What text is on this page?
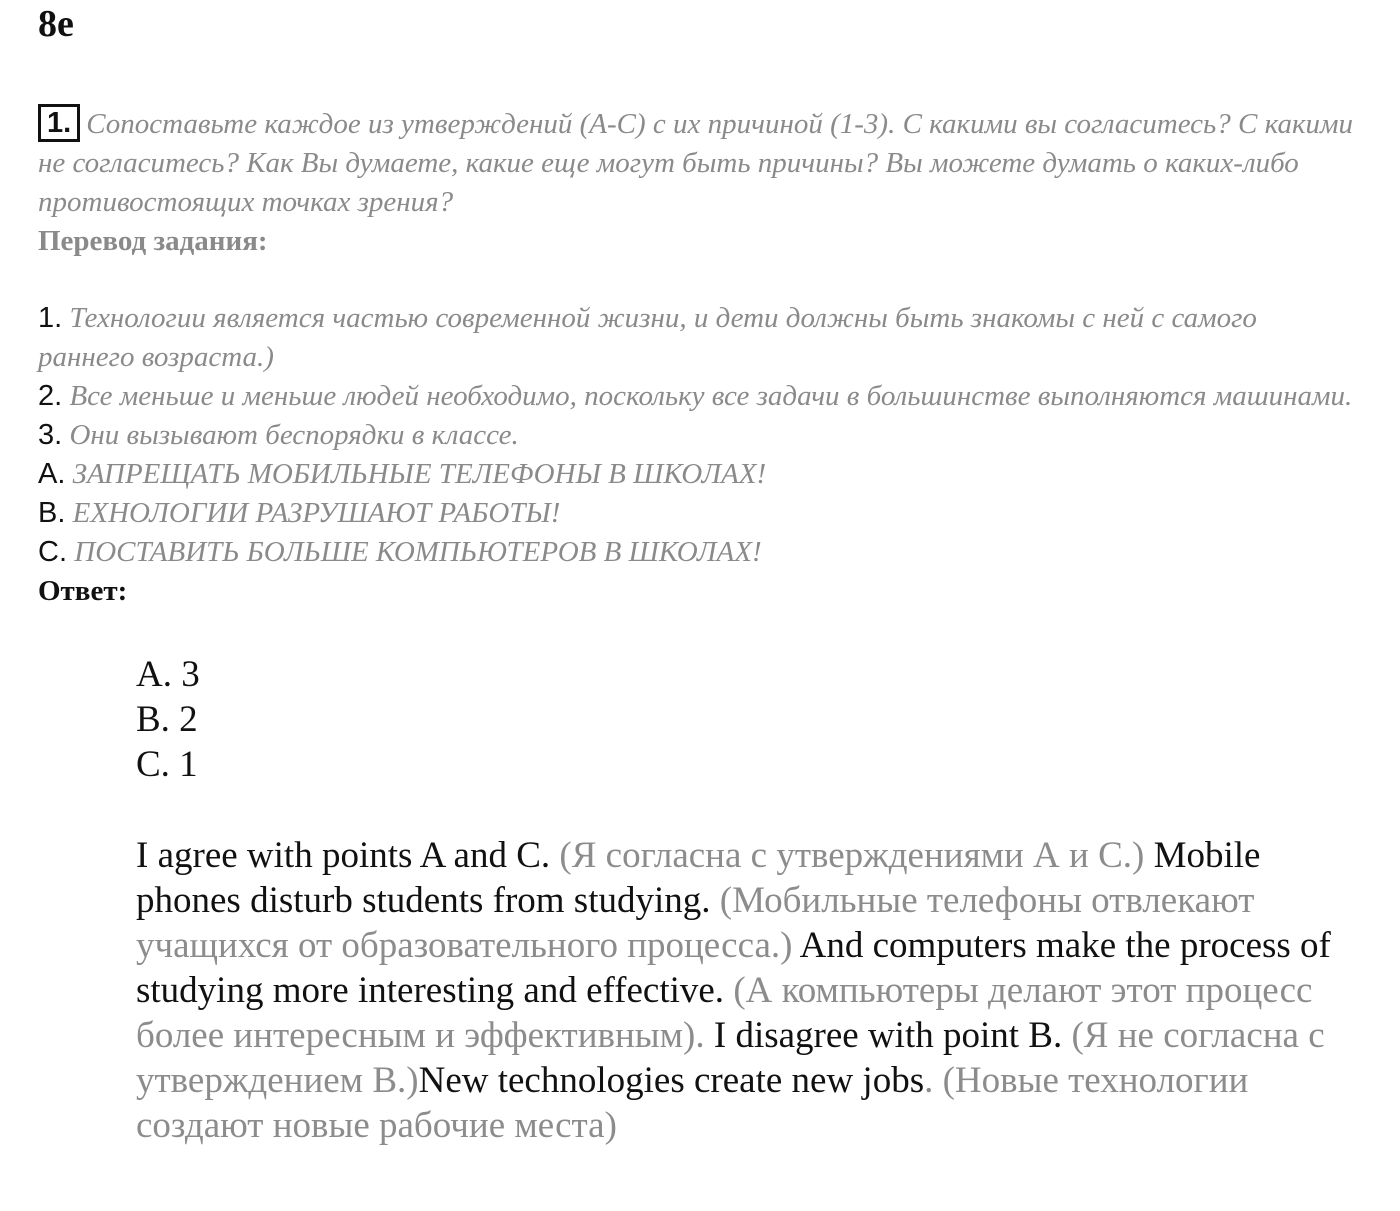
8e
1. Сопоставьте каждое из утверждений (A-C) с их причиной (1-3). С какими вы согласитесь? С какими не согласитесь? Как Вы думаете, какие еще могут быть причины? Вы можете думать о каких-либо противостоящих точках зрения?
Перевод задания:
1. Технологии является частью современной жизни, и дети должны быть знакомы с ней с самого раннего возраста.)
2. Все меньше и меньше людей необходимо, поскольку все задачи в большинстве выполняются машинами.
3. Они вызывают беспорядки в классе.
A. ЗАПРЕЩАТЬ МОБИЛЬНЫЕ ТЕЛЕФОНЫ В ШКОЛАХ!
B. ЕХНОЛОГИИ РАЗРУШАЮТ РАБОТЫ!
C. ПОСТАВИТЬ БОЛЬШЕ КОМПЬЮТЕРОВ В ШКОЛАХ!
Ответ:
A. 3
B. 2
C. 1
I agree with points A and C. (Я согласна с утверждениями А и С.) Mobile phones disturb students from studying. (Мобильные телефоны отвлекают учащихся от образовательного процесса.) And computers make the process of studying more interesting and effective. (А компьютеры делают этот процесс более интересным и эффективным). I disagree with point B. (Я не согласна с утверждением В.)New technologies create new jobs. (Новые технологии создают новые рабочие места)
